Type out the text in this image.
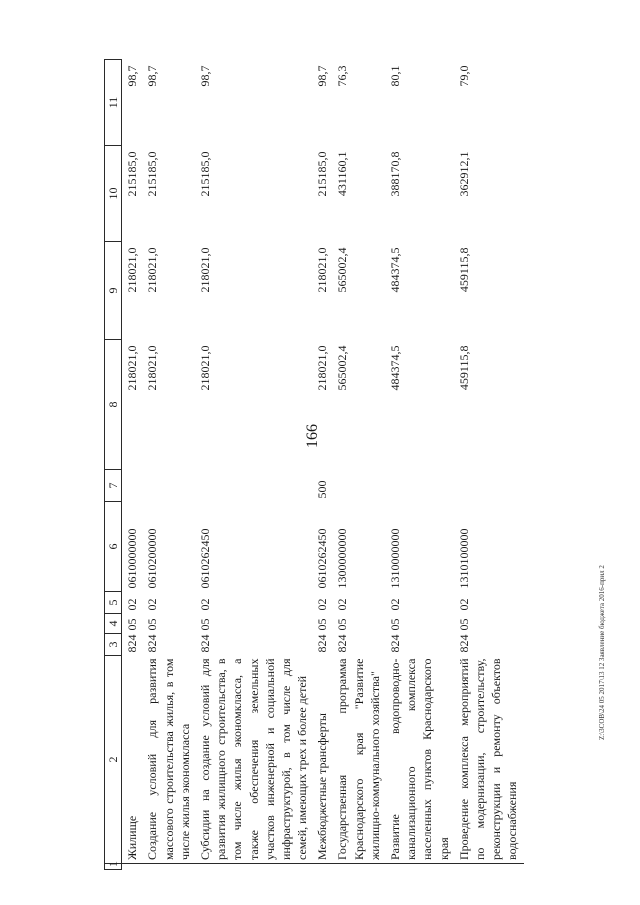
166
1	2	3	4	5	6	7	8	9	10	11
	Жилище	824	05	02	0610000000		218021,0	218021,0	215185,0	98,7
	Создание условий для развития массового строительства жилья, в том числе жилья экономкласса	824	05	02	0610200000		218021,0	218021,0	215185,0	98,7
	Субсидии на создание условий для развития жилищного строительства, в том числе жилья экономкласса, а также обеспечения земельных участков инженерной и социальной инфраструктурой, в том числе для семей, имеющих трех и более детей	824	05	02	0610262450		218021,0	218021,0	215185,0	98,7
	Межбюджетные трансферты	824	05	02	0610262450	500	218021,0	218021,0	215185,0	98,7
	Государственная программа Краснодарского края "Развитие жилищно-коммунального хозяйства"	824	05	02	1300000000		565002,4	565002,4	431160,1	76,3
	Развитие водопроводно-канализационного комплекса населенных пунктов Краснодарского края	824	05	02	1310000000		484374,5	484374,5	388170,8	80,1
	Проведение комплекса мероприятий по модернизации, строительству, реконструкции и ремонту объектов водоснабжения	824	05	02	1310100000		459115,8	459115,8	362912,1	79,0
Z:\3COB\24 05 2017\13 12 Заявление бюджета 2016-прил 2
